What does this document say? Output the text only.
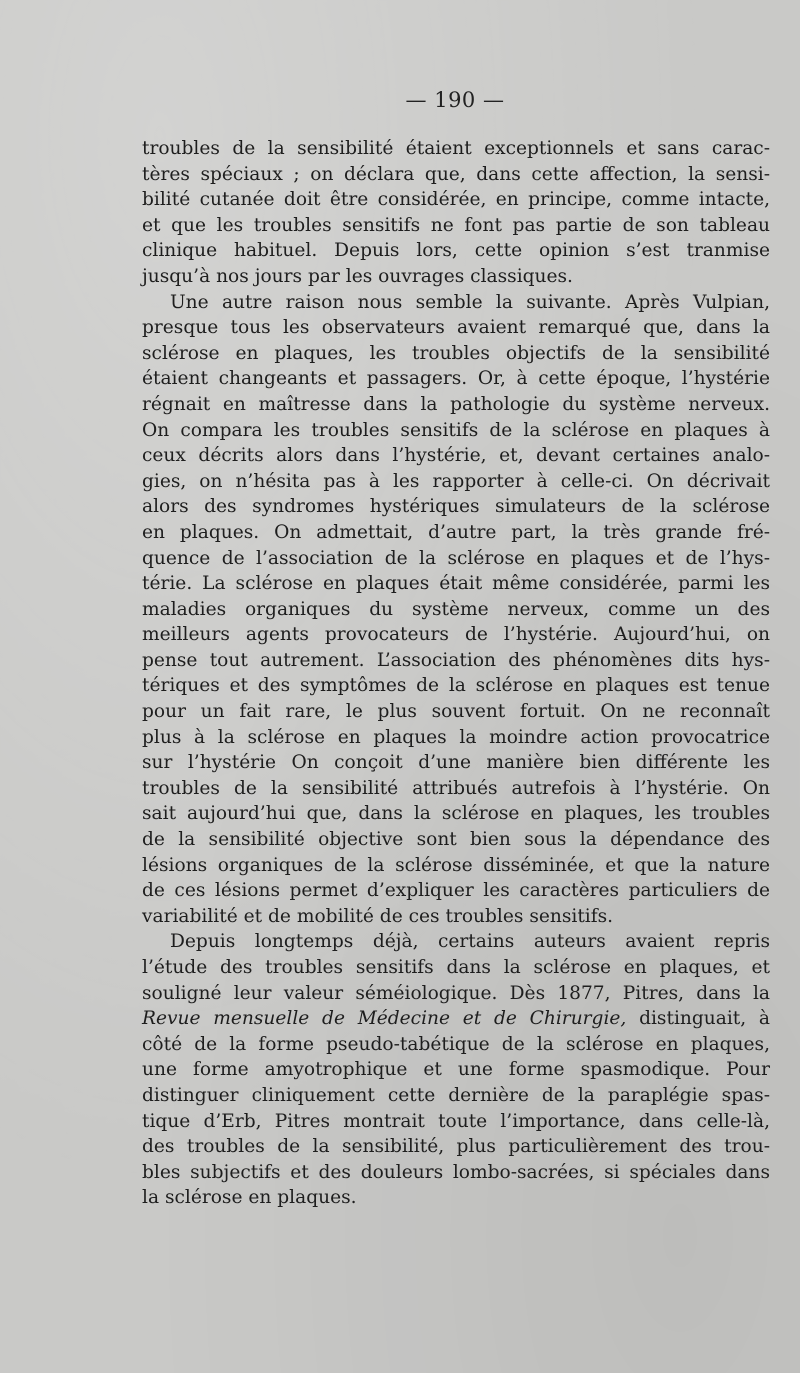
— 190 —
troubles de la sensibilité étaient exceptionnels et sans carac-
tères spéciaux ; on déclara que, dans cette affection, la sensi-
bilité cutanée doit être considérée, en principe, comme intacte,
et que les troubles sensitifs ne font pas partie de son tableau
clinique habituel. Depuis lors, cette opinion s’est tranmise
jusqu’à nos jours par les ouvrages classiques.
Une autre raison nous semble la suivante. Après Vulpian,
presque tous les observateurs avaient remarqué que, dans la
sclérose en plaques, les troubles objectifs de la sensibilité
étaient changeants et passagers. Or, à cette époque, l’hystérie
régnait en maîtresse dans la pathologie du système nerveux.
On compara les troubles sensitifs de la sclérose en plaques à
ceux décrits alors dans l’hystérie, et, devant certaines analo-
gies, on n’hésita pas à les rapporter à celle-ci. On décrivait
alors des syndromes hystériques simulateurs de la sclérose
en plaques. On admettait, d’autre part, la très grande fré-
quence de l’association de la sclérose en plaques et de l’hys-
térie. La sclérose en plaques était même considérée, parmi les
maladies organiques du système nerveux, comme un des
meilleurs agents provocateurs de l’hystérie. Aujourd’hui, on
pense tout autrement. L’association des phénomènes dits hys-
tériques et des symptômes de la sclérose en plaques est tenue
pour un fait rare, le plus souvent fortuit. On ne reconnaît
plus à la sclérose en plaques la moindre action provocatrice
sur l’hystérie On conçoit d’une manière bien différente les
troubles de la sensibilité attribués autrefois à l’hystérie. On
sait aujourd’hui que, dans la sclérose en plaques, les troubles
de la sensibilité objective sont bien sous la dépendance des
lésions organiques de la sclérose disséminée, et que la nature
de ces lésions permet d’expliquer les caractères particuliers de
variabilité et de mobilité de ces troubles sensitifs.
Depuis longtemps déjà, certains auteurs avaient repris
l’étude des troubles sensitifs dans la sclérose en plaques, et
souligné leur valeur séméiologique. Dès 1877, Pitres, dans la
Revue mensuelle de Médecine et de Chirurgie, distinguait, à
côté de la forme pseudo-tabétique de la sclérose en plaques,
une forme amyotrophique et une forme spasmodique. Pour
distinguer cliniquement cette dernière de la paraplégie spas-
tique d’Erb, Pitres montrait toute l’importance, dans celle-là,
des troubles de la sensibilité, plus particulièrement des trou-
bles subjectifs et des douleurs lombo-sacrées, si spéciales dans
la sclérose en plaques.
